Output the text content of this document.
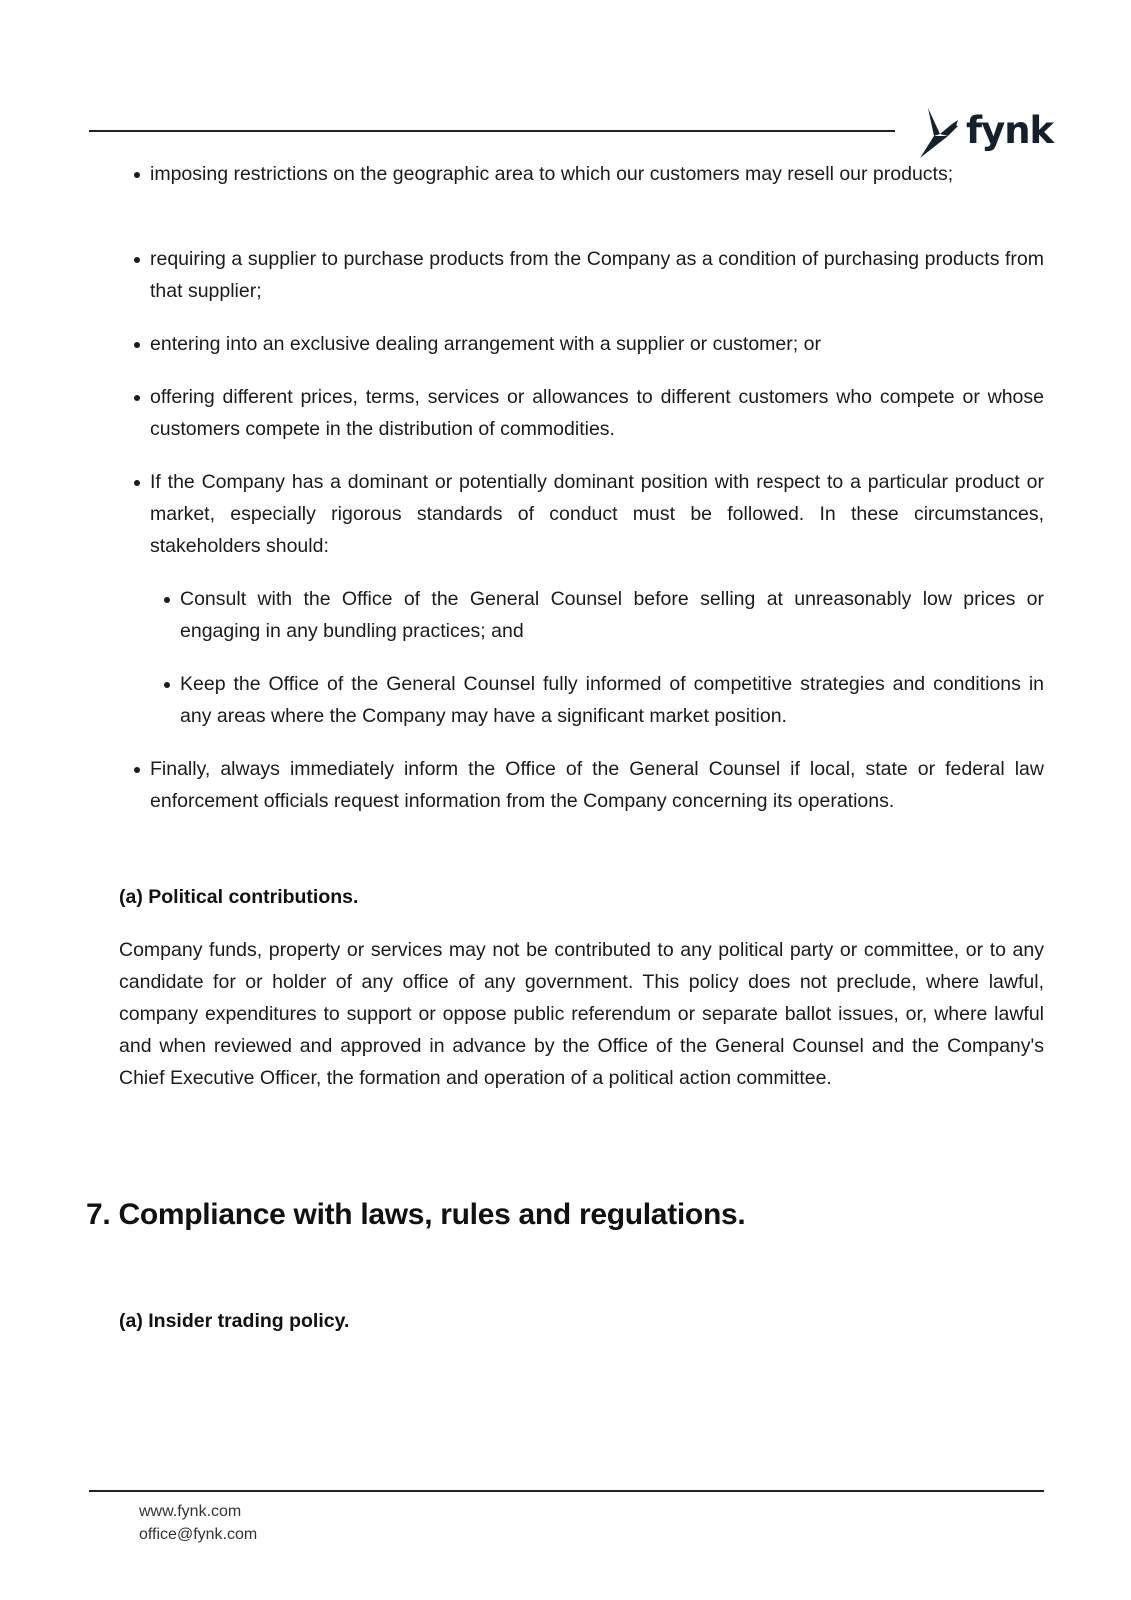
fynk
imposing restrictions on the geographic area to which our customers may resell our products;
requiring a supplier to purchase products from the Company as a condition of purchasing products from that supplier;
entering into an exclusive dealing arrangement with a supplier or customer; or
offering different prices, terms, services or allowances to different customers who compete or whose customers compete in the distribution of commodities.
If the Company has a dominant or potentially dominant position with respect to a particular product or market, especially rigorous standards of conduct must be followed. In these circumstances, stakeholders should:
Consult with the Office of the General Counsel before selling at unreasonably low prices or engaging in any bundling practices; and
Keep the Office of the General Counsel fully informed of competitive strategies and conditions in any areas where the Company may have a significant market position.
Finally, always immediately inform the Office of the General Counsel if local, state or federal law enforcement officials request information from the Company concerning its operations.
(a) Political contributions.
Company funds, property or services may not be contributed to any political party or committee, or to any candidate for or holder of any office of any government. This policy does not preclude, where lawful, company expenditures to support or oppose public referendum or separate ballot issues, or, where lawful and when reviewed and approved in advance by the Office of the General Counsel and the Company's Chief Executive Officer, the formation and operation of a political action committee.
7. Compliance with laws, rules and regulations.
(a) Insider trading policy.
www.fynk.com
office@fynk.com
